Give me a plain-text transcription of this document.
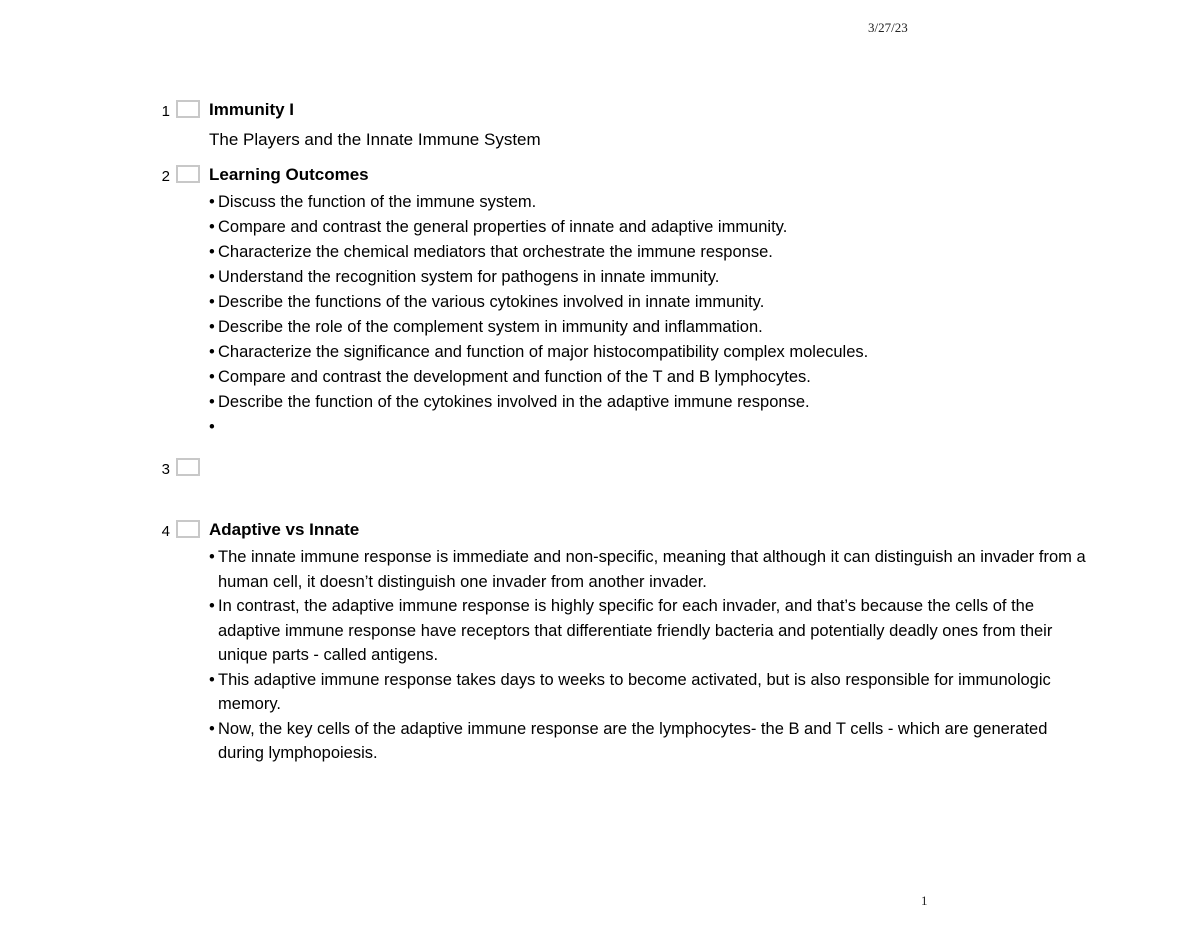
3/27/23
1 Immunity I
The Players and the Innate Immune System
2 Learning Outcomes
• Discuss the function of the immune system.
• Compare and contrast the general properties of innate and adaptive immunity.
• Characterize the chemical mediators that orchestrate the immune response.
• Understand the recognition system for pathogens in innate immunity.
• Describe the functions of the various cytokines involved in innate immunity.
• Describe the role of the complement system in immunity and inflammation.
• Characterize the significance and function of major histocompatibility complex molecules.
• Compare and contrast the development and function of the T and B lymphocytes.
• Describe the function of the cytokines involved in the adaptive immune response.
•
3
4 Adaptive vs Innate
• The innate immune response is immediate and non-specific, meaning that although it can distinguish an invader from a human cell, it doesn’t distinguish one invader from another invader.
• In contrast, the adaptive immune response is highly specific for each invader, and that’s because the cells of the adaptive immune response have receptors that differentiate friendly bacteria and potentially deadly ones from their unique parts - called antigens.
• This adaptive immune response takes days to weeks to become activated, but is also responsible for immunologic memory.
• Now, the key cells of the adaptive immune response are the lymphocytes- the B and T cells - which are generated during lymphopoiesis.
1
